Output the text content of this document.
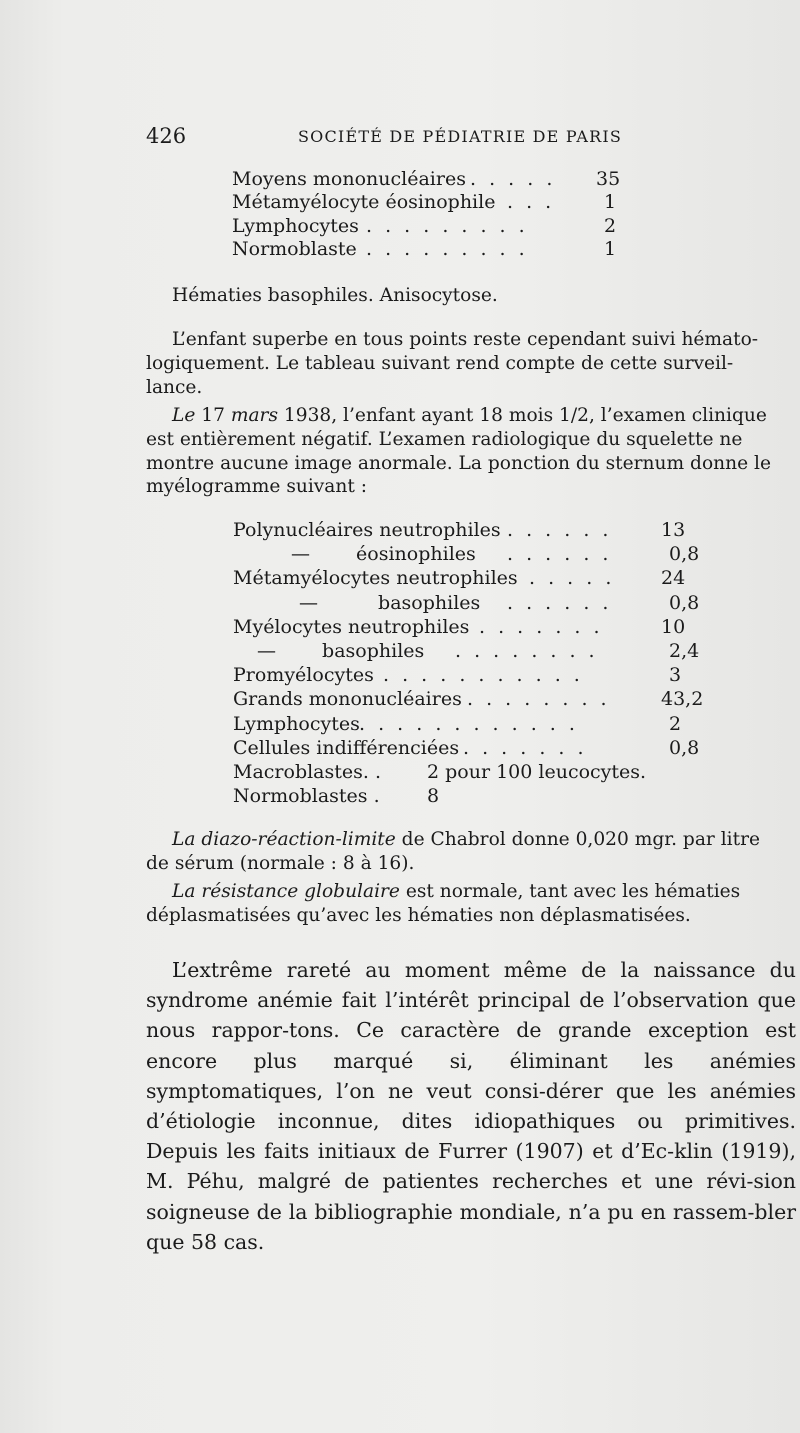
426	SOCIÉTÉ DE PÉDIATRIE DE PARIS
Moyens mononucléaires . . . . . 35
Métamyélocyte éosinophile . . .	1
Lymphocytes . . . . . . . . .	2
Normoblaste . . . . . . . . .	1

Hématies basophiles. Anisocytose.

L’enfant superbe en tous points reste cependant suivi hémato-logiquement. Le tableau suivant rend compte de cette surveil-lance.

Le 17 mars 1938, l’enfant ayant 18 mois 1/2, l’examen clinique est entièrement négatif. L’examen radiologique du squelette ne montre aucune image anormale. La ponction du sternum donne le myélogramme suivant :

Polynucléaires neutrophiles . . . . . .	13
— éosinophiles . . . . . .	0,8
Métamyélocytes neutrophiles . . . . . 24
— basophiles . . . . . .	0,8
Myélocytes neutrophiles . . . . . . .	10
— basophiles . . . . . . . .	2,4
Promyélocytes . . . . . . . . . . .	3
Grands mononucléaires . . . . . . . .	43,2
Lymphocytes . . . . . . . . . . . .	2
Cellules indifférenciées . . . . . . .	0,8
Macroblastes. . 2 pour 100 leucocytes.
Normoblastes . 8

La diazo-réaction-limite de Chabrol donne 0,020 mgr. par litre de sérum (normale : 8 à 16).

La résistance globulaire est normale, tant avec les hématies déplasmatisées qu’avec les hématies non déplasmatisées.

L’extrême rareté au moment même de la naissance du syndrome anémie fait l’intérêt principal de l’observation que nous rappor-tons. Ce caractère de grande exception est encore plus marqué si, éliminant les anémies symptomatiques, l’on ne veut consi-dérer que les anémies d’étiologie inconnue, dites idiopathiques ou primitives. Depuis les faits initiaux de Furrer (1907) et d’Ec-klin (1919), M. Péhu, malgré de patientes recherches et une révi-sion soigneuse de la bibliographie mondiale, n’a pu en rassem-bler que 58 cas.
